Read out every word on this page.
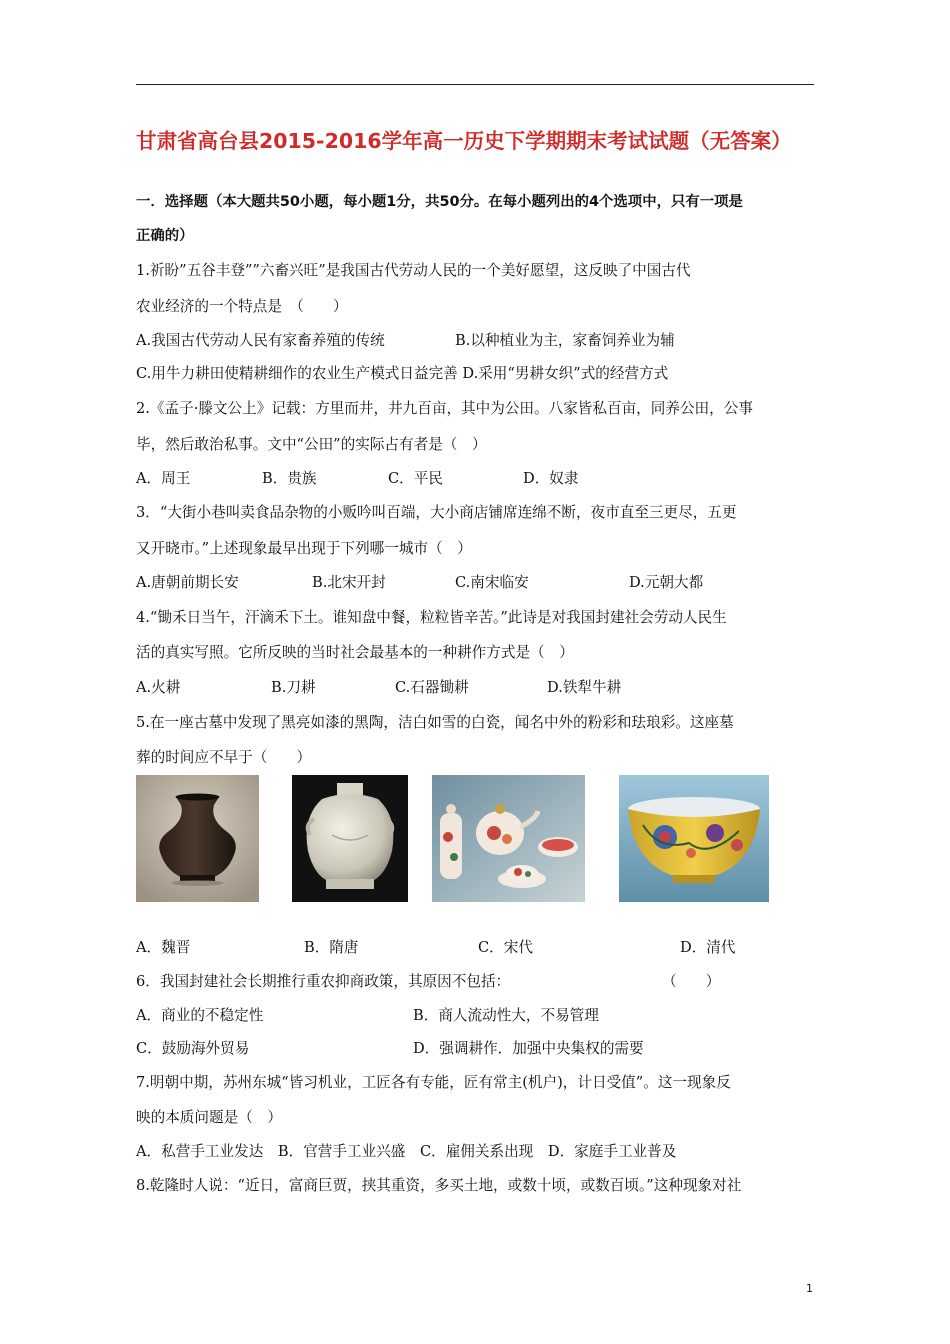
甘肃省高台县2015-2016学年高一历史下学期期末考试试题（无答案）
一．选择题（本大题共50小题，每小题1分，共50分。在每小题列出的4个选项中，只有一项是
正确的）
1.祈盼”五谷丰登””六畜兴旺”是我国古代劳动人民的一个美好愿望，这反映了中国古代
农业经济的一个特点是　（　　）
A.我国古代劳动人民有家畜养殖的传统	B.以种植业为主，家畜饲养业为辅
C.用牛力耕田使精耕细作的农业生产模式日益完善 D.采用“男耕女织”式的经营方式
2.《孟子·滕文公上》记载：方里而井，井九百亩，其中为公田。八家皆私百亩，同养公田，公事
毕，然后敢治私事。文中“公田”的实际占有者是（　）
A．周王	B．贵族	C．平民	D．奴隶
3．“大街小巷叫卖食品杂物的小贩吟叫百端，大小商店铺席连绵不断，夜市直至三更尽，五更
又开晓市。”上述现象最早出现于下列哪一城市（　）
A.唐朝前期长安	B.北宋开封	C.南宋临安	D.元朝大都
4.“锄禾日当午，汗滴禾下土。谁知盘中餐，粒粒皆辛苦。”此诗是对我国封建社会劳动人民生
活的真实写照。它所反映的当时社会最基本的一种耕作方式是（　）
A.火耕	B.刀耕	C.石器锄耕	D.铁犁牛耕
5.在一座古墓中发现了黑亮如漆的黑陶，洁白如雪的白瓷，闻名中外的粉彩和珐琅彩。这座墓
葬的时间应不早于（　　）
A．魏晋	B．隋唐	C．宋代	D．清代
6．我国封建社会长期推行重农抑商政策，其原因不包括：	（　　）
A．商业的不稳定性	B．商人流动性大，不易管理
C．鼓励海外贸易	D．强调耕作．加强中央集权的需要
7.明朝中期，苏州东城“皆习机业，工匠各有专能，匠有常主(机户)，计日受值”。这一现象反
映的本质问题是（　）
A．私营手工业发达　B．官营手工业兴盛　C．雇佣关系出现　D．家庭手工业普及
8.乾隆时人说：“近日，富商巨贾，挟其重资，多买土地，或数十顷，或数百顷。”这种现象对社
1
